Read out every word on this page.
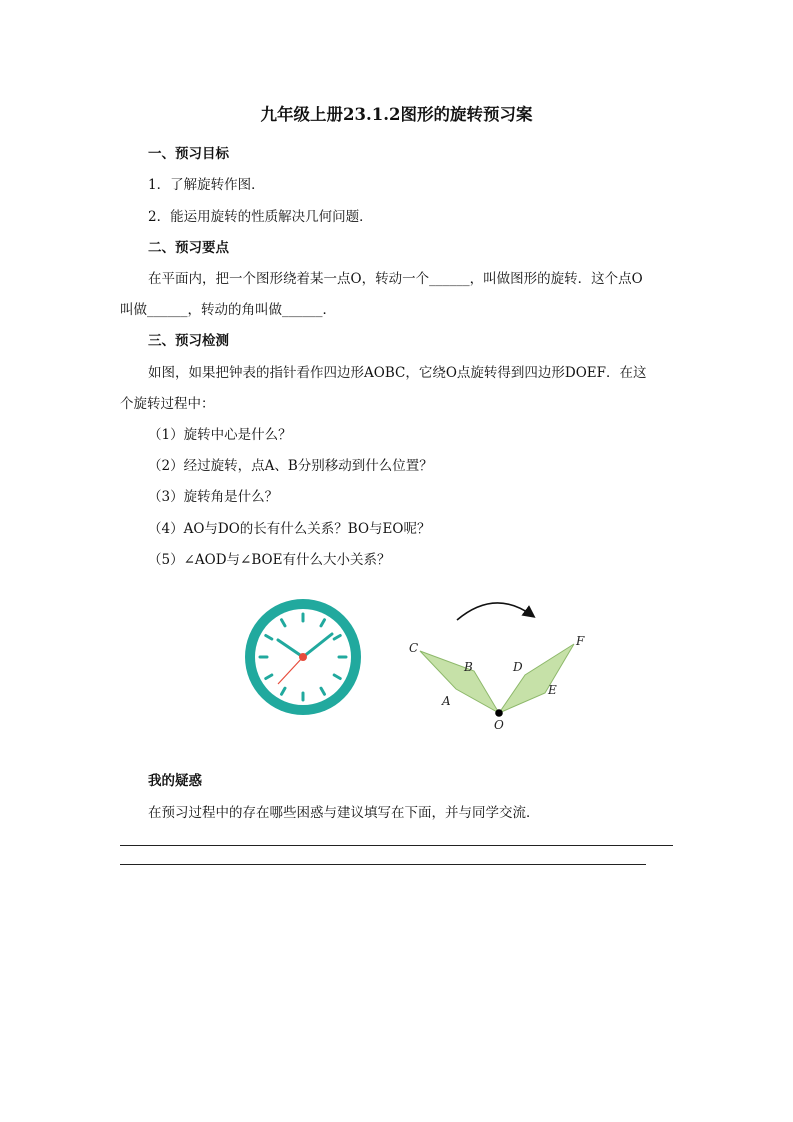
九年级上册23.1.2图形的旋转预习案
一、预习目标
1．了解旋转作图．
2．能运用旋转的性质解决几何问题．
二、预习要点
在平面内，把一个图形绕着某一点O，转动一个______，叫做图形的旋转．这个点O
叫做______，转动的角叫做______．
三、预习检测
如图，如果把钟表的指针看作四边形AOBC，它绕O点旋转得到四边形DOEF．在这
个旋转过程中：
（1）旋转中心是什么？
（2）经过旋转，点A、B分别移动到什么位置？
（3）旋转角是什么？
（4）AO与DO的长有什么关系？BO与EO呢？
（5）∠AOD与∠BOE有什么大小关系？
C
B
A
O
D
F
E
我的疑惑
在预习过程中的存在哪些困惑与建议填写在下面，并与同学交流．
